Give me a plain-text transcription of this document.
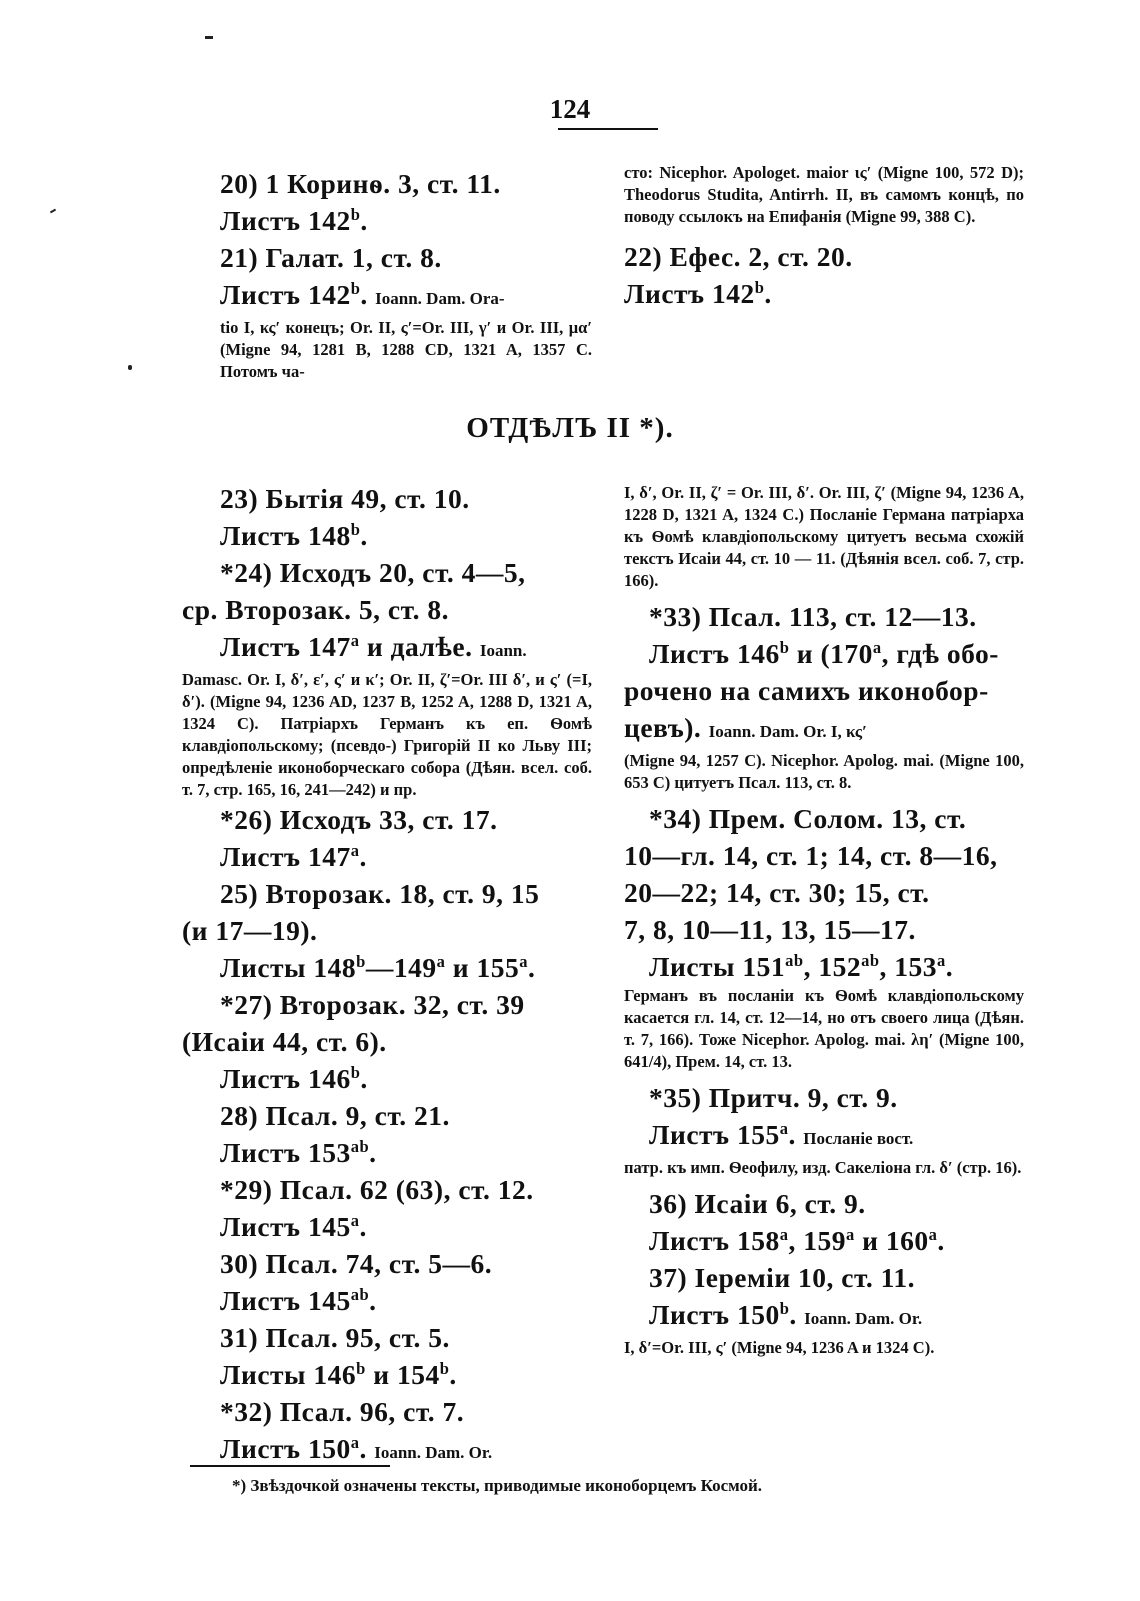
124
20) 1 Коринѳ. 3, ст. 11.
Листъ 142$^b$.
21) Галат. 1, ст. 8.
Листъ 142$^b$. Ioann. Dam. Ora-
tio I, κς′ конецъ; Or. II, ς′=Or. III, γ′ и Or. III, μα′ (Migne 94, 1281 B, 1288 CD, 1321 A, 1357 C. Потомъ ча-
сто: Nicephor. Apologet. maior ις′ (Migne 100, 572 D); Theodorus Studita, Antirrh. II, въ самомъ концѣ, по поводу ссылокъ на Епифанія (Migne 99, 388 C).
22) Ефес. 2, ст. 20.
Листъ 142$^b$.
ОТДѢЛЪ II *).
23) Бытія 49, ст. 10.
Листъ 148$^b$.
*24) Исходъ 20, ст. 4—5,
ср. Второзак. 5, ст. 8.
Листъ 147$^a$ и далѣе. Ioann.
Damasc. Or. I, δ′, ε′, ς′ и κ′; Or. II, ζ′=Or. III δ′, и ς′ (=I, δ′). (Migne 94, 1236 AD, 1237 B, 1252 A, 1288 D, 1321 A, 1324 C). Патріархъ Германъ къ еп. Ѳомѣ клавдіопольскому; (псевдо-) Григорій II ко Льву III; опредѣленіе иконоборческаго собора (Дѣян. всел. соб. т. 7, стр. 165, 16, 241—242) и пр.
*26) Исходъ 33, ст. 17.
Листъ 147$^a$.
25) Второзак. 18, ст. 9, 15
(и 17—19).
Листы 148$^b$—149$^a$ и 155$^a$.
*27) Второзак. 32, ст. 39
(Исаіи 44, ст. 6).
Листъ 146$^b$.
28) Псал. 9, ст. 21.
Листъ $153^{ab}$.
*29) Псал. 62 (63), ст. 12.
Листъ 145$^a$.
30) Псал. 74, ст. 5—6.
Листъ $145^{ab}$.
31) Псал. 95, ст. 5.
Листы 146$^b$ и 154$^b$.
*32) Псал. 96, ст. 7.
Листъ 150$^a$. Ioann. Dam. Or.
I, δ′, Or. II, ζ′ = Or. III, δ′. Or. III, ζ′ (Migne 94, 1236 A, 1228 D, 1321 A, 1324 C.) Посланіе Германа патріарха къ Ѳомѣ клавдіопольскому цитуетъ весьма схожій текстъ Исаіи 44, ст. 10 — 11. (Дѣянія всел. соб. 7, стр. 166).
*33) Псал. 113, ст. 12—13.
Листъ 146$^b$ и (170$^a$, гдѣ обо-
рочено на самихъ иконобор-
цевъ). Ioann. Dam. Or. I, κς′
(Migne 94, 1257 C). Nicephor. Apolog. mai. (Migne 100, 653 C) цитуетъ Псал. 113, ст. 8.
*34) Прем. Солом. 13, ст.
10—гл. 14, ст. 1; 14, ст. 8—16,
20—22; 14, ст. 30; 15, ст.
7, 8, 10—11, 13, 15—17.
Листы $151^{ab}$, $152^{ab}$, 153$^a$.
Германъ въ посланіи къ Ѳомѣ клавдіопольскому касается гл. 14, ст. 12—14, но отъ своего лица (Дѣян. т. 7, 166). Тоже Nicephor. Apolog. mai. λη′ (Migne 100, 641/4), Прем. 14, ст. 13.
*35) Притч. 9, ст. 9.
Листъ 155$^a$. Посланіе вост.
патр. къ имп. Ѳеофилу, изд. Сакеліона гл. δ′ (стр. 16).
36) Исаіи 6, ст. 9.
Листъ 158$^a$, 159$^a$ и 160$^a$.
37) Іереміи 10, ст. 11.
Листъ 150$^b$. Ioann. Dam. Or.
I, δ′=Or. III, ς′ (Migne 94, 1236 A и 1324 C).
*) Звѣздочкой означены тексты, приводимые иконоборцемъ Космой.
